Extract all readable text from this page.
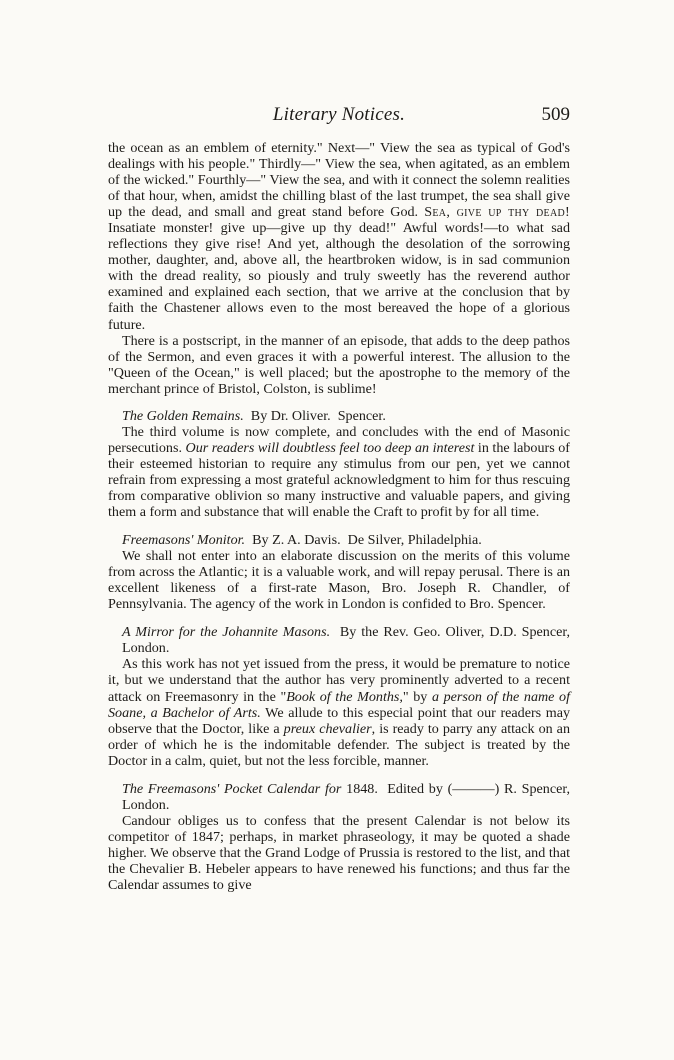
Literary Notices.	509

the ocean as an emblem of eternity." Next—" View the sea as typical of God's dealings with his people." Thirdly—" View the sea, when agitated, as an emblem of the wicked." Fourthly—" View the sea, and with it connect the solemn realities of that hour, when, amidst the chilling blast of the last trumpet, the sea shall give up the dead, and small and great stand before God. Sea, give up thy dead! Insatiate monster! give up—give up thy dead!" Awful words!—to what sad reflections they give rise! And yet, although the desolation of the sorrowing mother, daughter, and, above all, the heartbroken widow, is in sad communion with the dread reality, so piously and truly sweetly has the reverend author examined and explained each section, that we arrive at the conclusion that by faith the Chastener allows even to the most bereaved the hope of a glorious future.

There is a postscript, in the manner of an episode, that adds to the deep pathos of the Sermon, and even graces it with a powerful interest. The allusion to the "Queen of the Ocean," is well placed; but the apostrophe to the memory of the merchant prince of Bristol, Colston, is sublime!

The Golden Remains. By Dr. Oliver. Spencer.

The third volume is now complete, and concludes with the end of Masonic persecutions. Our readers will doubtless feel too deep an interest in the labours of their esteemed historian to require any stimulus from our pen, yet we cannot refrain from expressing a most grateful acknowledgment to him for thus rescuing from comparative oblivion so many instructive and valuable papers, and giving them a form and substance that will enable the Craft to profit by for all time.

Freemasons' Monitor. By Z. A. Davis. De Silver, Philadelphia.

We shall not enter into an elaborate discussion on the merits of this volume from across the Atlantic; it is a valuable work, and will repay perusal. There is an excellent likeness of a first-rate Mason, Bro. Joseph R. Chandler, of Pennsylvania. The agency of the work in London is confided to Bro. Spencer.

A Mirror for the Johannite Masons. By the Rev. Geo. Oliver, D.D. Spencer, London.

As this work has not yet issued from the press, it would be premature to notice it, but we understand that the author has very prominently adverted to a recent attack on Freemasonry in the "Book of the Months," by a person of the name of Soane, a Bachelor of Arts. We allude to this especial point that our readers may observe that the Doctor, like a preux chevalier, is ready to parry any attack on an order of which he is the indomitable defender. The subject is treated by the Doctor in a calm, quiet, but not the less forcible, manner.

The Freemasons' Pocket Calendar for 1848. Edited by (———) R. Spencer, London.

Candour obliges us to confess that the present Calendar is not below its competitor of 1847; perhaps, in market phraseology, it may be quoted a shade higher. We observe that the Grand Lodge of Prussia is restored to the list, and that the Chevalier B. Hebeler appears to have renewed his functions; and thus far the Calendar assumes to give
